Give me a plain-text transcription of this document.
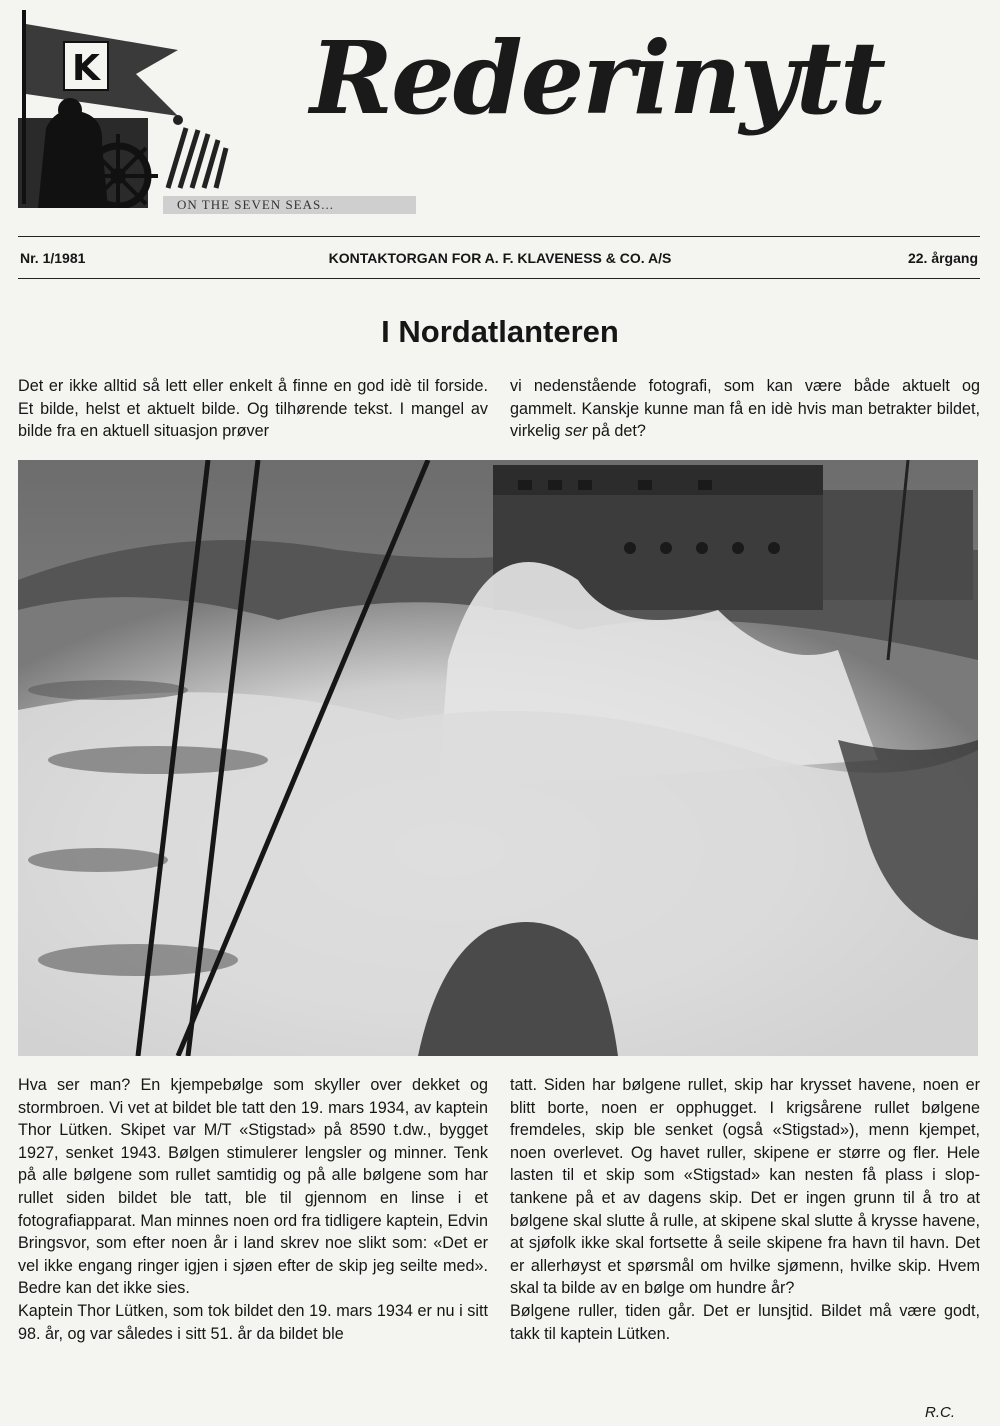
K
ON THE SEVEN SEAS...
Rederinytt
Nr. 1/1981	KONTAKTORGAN FOR A. F. KLAVENESS & CO. A/S	22. årgang
I Nordatlanteren

Det er ikke alltid så lett eller enkelt å finne en god idè til forside. Et bilde, helst et aktuelt bilde. Og tilhørende tekst. I mangel av bilde fra en aktuell situasjon prøver

vi nedenstående fotografi, som kan være både aktuelt og gammelt. Kanskje kunne man få en idè hvis man betrakter bildet, virkelig ser på det?

Hva ser man? En kjempebølge som skyller over dekket og stormbroen. Vi vet at bildet ble tatt den 19. mars 1934, av kaptein Thor Lütken. Skipet var M/T «Stigstad» på 8590 t.dw., bygget 1927, senket 1943. Bølgen stimulerer lengsler og minner. Tenk på alle bølgene som rullet samtidig og på alle bølgene som har rullet siden bildet ble tatt, ble til gjennom en linse i et fotografiapparat. Man minnes noen ord fra tidligere kaptein, Edvin Bringsvor, som efter noen år i land skrev noe slikt som: «Det er vel ikke engang ringer igjen i sjøen efter de skip jeg seilte med». Bedre kan det ikke sies.

Kaptein Thor Lütken, som tok bildet den 19. mars 1934 er nu i sitt 98. år, og var således i sitt 51. år da bildet ble

tatt. Siden har bølgene rullet, skip har krysset havene, noen er blitt borte, noen er opphugget. I krigsårene rullet bølgene fremdeles, skip ble senket (også «Stigstad»), menn kjempet, noen overlevet. Og havet ruller, skipene er større og fler. Hele lasten til et skip som «Stigstad» kan nesten få plass i slop-tankene på et av dagens skip. Det er ingen grunn til å tro at bølgene skal slutte å rulle, at skipene skal slutte å krysse havene, at sjøfolk ikke skal fortsette å seile skipene fra havn til havn. Det er allerhøyst et spørsmål om hvilke sjømenn, hvilke skip. Hvem skal ta bilde av en bølge om hundre år?

Bølgene ruller, tiden går. Det er lunsjtid. Bildet må være godt, takk til kaptein Lütken.

R.C.
